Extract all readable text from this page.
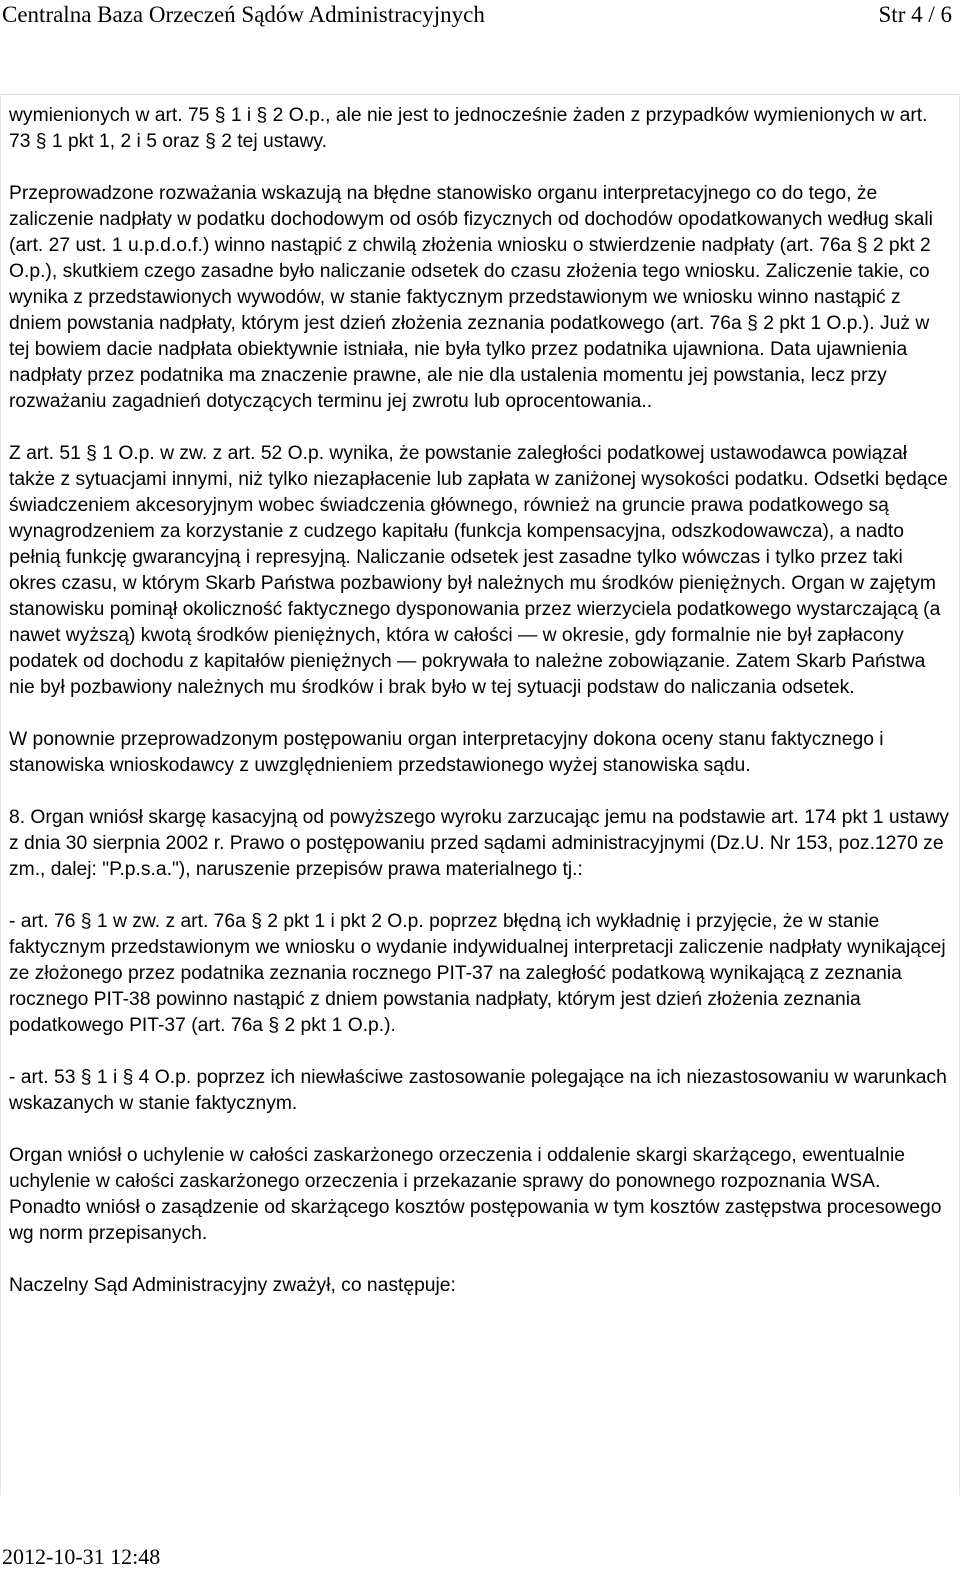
Centralna Baza Orzeczeń Sądów Administracyjnych	Str 4 / 6

wymienionych w art. 75 § 1 i § 2 O.p., ale nie jest to jednocześnie żaden z przypadków wymienionych w art. 73 § 1 pkt 1, 2 i 5 oraz § 2 tej ustawy.

Przeprowadzone rozważania wskazują na błędne stanowisko organu interpretacyjnego co do tego, że zaliczenie nadpłaty w podatku dochodowym od osób fizycznych od dochodów opodatkowanych według skali (art. 27 ust. 1 u.p.d.o.f.) winno nastąpić z chwilą złożenia wniosku o stwierdzenie nadpłaty (art. 76a § 2 pkt 2 O.p.), skutkiem czego zasadne było naliczanie odsetek do czasu złożenia tego wniosku. Zaliczenie takie, co wynika z przedstawionych wywodów, w stanie faktycznym przedstawionym we wniosku winno nastąpić z dniem powstania nadpłaty, którym jest dzień złożenia zeznania podatkowego (art. 76a § 2 pkt 1 O.p.). Już w tej bowiem dacie nadpłata obiektywnie istniała, nie była tylko przez podatnika ujawniona. Data ujawnienia nadpłaty przez podatnika ma znaczenie prawne, ale nie dla ustalenia momentu jej powstania, lecz przy rozważaniu zagadnień dotyczących terminu jej zwrotu lub oprocentowania..

Z art. 51 § 1 O.p. w zw. z art. 52 O.p. wynika, że powstanie zaległości podatkowej ustawodawca powiązał także z sytuacjami innymi, niż tylko niezapłacenie lub zapłata w zaniżonej wysokości podatku. Odsetki będące świadczeniem akcesoryjnym wobec świadczenia głównego, również na gruncie prawa podatkowego są wynagrodzeniem za korzystanie z cudzego kapitału (funkcja kompensacyjna, odszkodowawcza), a nadto pełnią funkcję gwarancyjną i represyjną. Naliczanie odsetek jest zasadne tylko wówczas i tylko przez taki okres czasu, w którym Skarb Państwa pozbawiony był należnych mu środków pieniężnych. Organ w zajętym stanowisku pominął okoliczność faktycznego dysponowania przez wierzyciela podatkowego wystarczającą (a nawet wyższą) kwotą środków pieniężnych, która w całości — w okresie, gdy formalnie nie był zapłacony podatek od dochodu z kapitałów pieniężnych — pokrywała to należne zobowiązanie. Zatem Skarb Państwa nie był pozbawiony należnych mu środków i brak było w tej sytuacji podstaw do naliczania odsetek.

W ponownie przeprowadzonym postępowaniu organ interpretacyjny dokona oceny stanu faktycznego i stanowiska wnioskodawcy z uwzględnieniem przedstawionego wyżej stanowiska sądu.

8. Organ wniósł skargę kasacyjną od powyższego wyroku zarzucając jemu na podstawie art. 174 pkt 1 ustawy z dnia 30 sierpnia 2002 r. Prawo o postępowaniu przed sądami administracyjnymi (Dz.U. Nr 153, poz.1270 ze zm., dalej: "P.p.s.a."), naruszenie przepisów prawa materialnego tj.:

- art. 76 § 1 w zw. z art. 76a § 2 pkt 1 i pkt 2 O.p. poprzez błędną ich wykładnię i przyjęcie, że w stanie faktycznym przedstawionym we wniosku o wydanie indywidualnej interpretacji zaliczenie nadpłaty wynikającej ze złożonego przez podatnika zeznania rocznego PIT-37 na zaległość podatkową wynikającą z zeznania rocznego PIT-38 powinno nastąpić z dniem powstania nadpłaty, którym jest dzień złożenia zeznania podatkowego PIT-37 (art. 76a § 2 pkt 1 O.p.).

- art. 53 § 1 i § 4 O.p. poprzez ich niewłaściwe zastosowanie polegające na ich niezastosowaniu w warunkach wskazanych w stanie faktycznym.

Organ wniósł o uchylenie w całości zaskarżonego orzeczenia i oddalenie skargi skarżącego, ewentualnie uchylenie w całości zaskarżonego orzeczenia i przekazanie sprawy do ponownego rozpoznania WSA. Ponadto wniósł o zasądzenie od skarżącego kosztów postępowania w tym kosztów zastępstwa procesowego wg norm przepisanych.

Naczelny Sąd Administracyjny zważył, co następuje:

2012-10-31 12:48
